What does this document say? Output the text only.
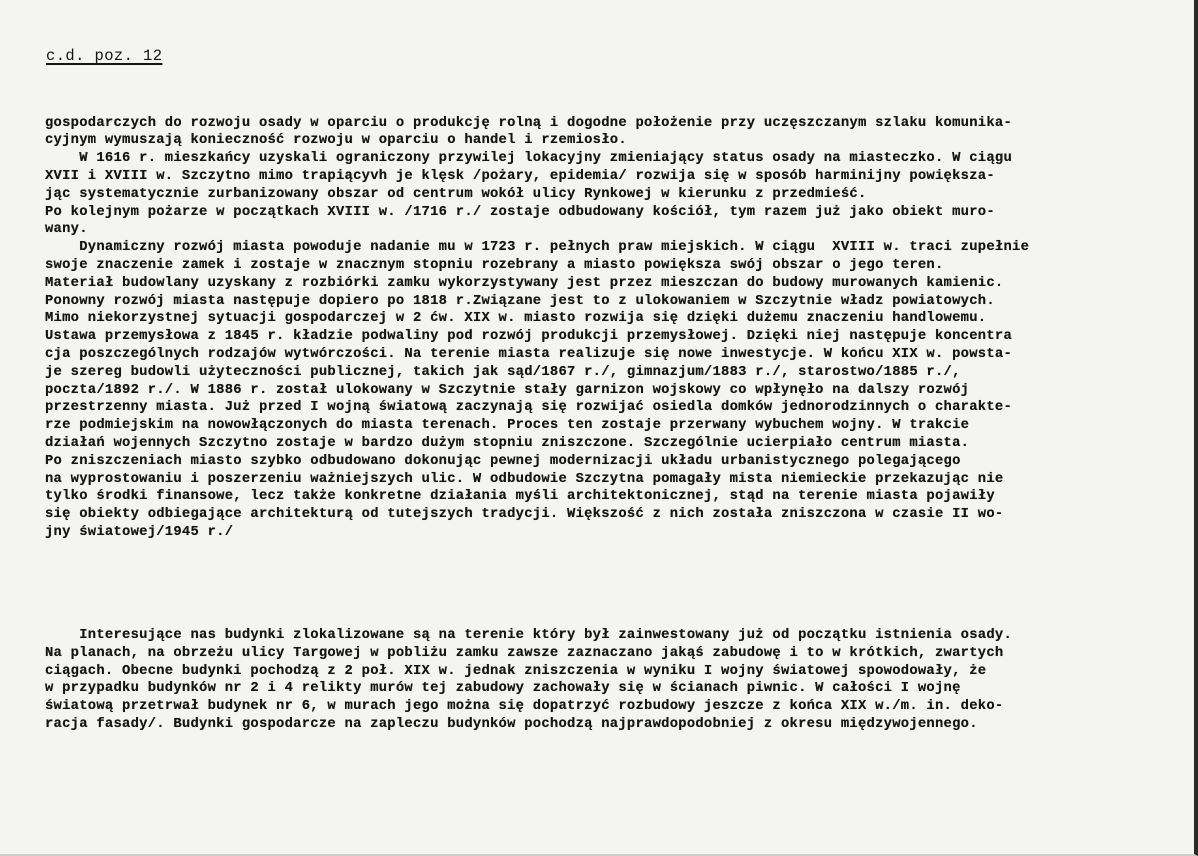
c.d. poz. 12

gospodarczych do rozwoju osady w oparciu o produkcję rolną i dogodne położenie przy uczęszczanym szlaku komunika-
cyjnym wymuszają konieczność rozwoju w oparciu o handel i rzemiosło.
W 1616 r. mieszkańcy uzyskali ograniczony przywilej lokacyjny zmieniający status osady na miasteczko. W ciągu
XVII i XVIII w. Szczytno mimo trapiącyvh je klęsk /pożary, epidemia/ rozwija się w sposób harminijny powiększa-
jąc systematycznie zurbanizowany obszar od centrum wokół ulicy Rynkowej w kierunku z przedmieść.
Po kolejnym pożarze w początkach XVIII w. /1716 r./ zostaje odbudowany kościół, tym razem już jako obiekt muro-
wany.
Dynamiczny rozwój miasta powoduje nadanie mu w 1723 r. pełnych praw miejskich. W ciągu  XVIII w. traci zupełnie
swoje znaczenie zamek i zostaje w znacznym stopniu rozebrany a miasto powiększa swój obszar o jego teren.
Materiał budowlany uzyskany z rozbiórki zamku wykorzystywany jest przez mieszczan do budowy murowanych kamienic.
Ponowny rozwój miasta następuje dopiero po 1818 r.Związane jest to z ulokowaniem w Szczytnie władz powiatowych.
Mimo niekorzystnej sytuacji gospodarczej w 2 ćw. XIX w. miasto rozwija się dzięki dużemu znaczeniu handlowemu.
Ustawa przemysłowa z 1845 r. kładzie podwaliny pod rozwój produkcji przemysłowej. Dzięki niej następuje koncentra
cja poszczególnych rodzajów wytwórczości. Na terenie miasta realizuje się nowe inwestycje. W końcu XIX w. powsta-
je szereg budowli użyteczności publicznej, takich jak sąd/1867 r./, gimnazjum/1883 r./, starostwo/1885 r./,
poczta/1892 r./. W 1886 r. został ulokowany w Szczytnie stały garnizon wojskowy co wpłynęło na dalszy rozwój
przestrzenny miasta. Już przed I wojną światową zaczynają się rozwijać osiedla domków jednorodzinnych o charakte-
rze podmiejskim na nowowłączonych do miasta terenach. Proces ten zostaje przerwany wybuchem wojny. W trakcie
działań wojennych Szczytno zostaje w bardzo dużym stopniu zniszczone. Szczególnie ucierpiało centrum miasta.
Po zniszczeniach miasto szybko odbudowano dokonując pewnej modernizacji układu urbanistycznego polegającego
na wyprostowaniu i poszerzeniu ważniejszych ulic. W odbudowie Szczytna pomagały mista niemieckie przekazując nie
tylko środki finansowe, lecz także konkretne działania myśli architektonicznej, stąd na terenie miasta pojawiły
się obiekty odbiegające architekturą od tutejszych tradycji. Większość z nich została zniszczona w czasie II wo-
jny światowej/1945 r./

Interesujące nas budynki zlokalizowane są na terenie który był zainwestowany już od początku istnienia osady.
Na planach, na obrzeżu ulicy Targowej w pobliżu zamku zawsze zaznaczano jakąś zabudowę i to w krótkich, zwartych
ciągach. Obecne budynki pochodzą z 2 poł. XIX w. jednak zniszczenia w wyniku I wojny światowej spowodowały, że
w przypadku budynków nr 2 i 4 relikty murów tej zabudowy zachowały się w ścianach piwnic. W całości I wojnę
światową przetrwał budynek nr 6, w murach jego można się dopatrzyć rozbudowy jeszcze z końca XIX w./m. in. deko-
racja fasady/. Budynki gospodarcze na zapleczu budynków pochodzą najprawdopodobniej z okresu międzywojennego.
